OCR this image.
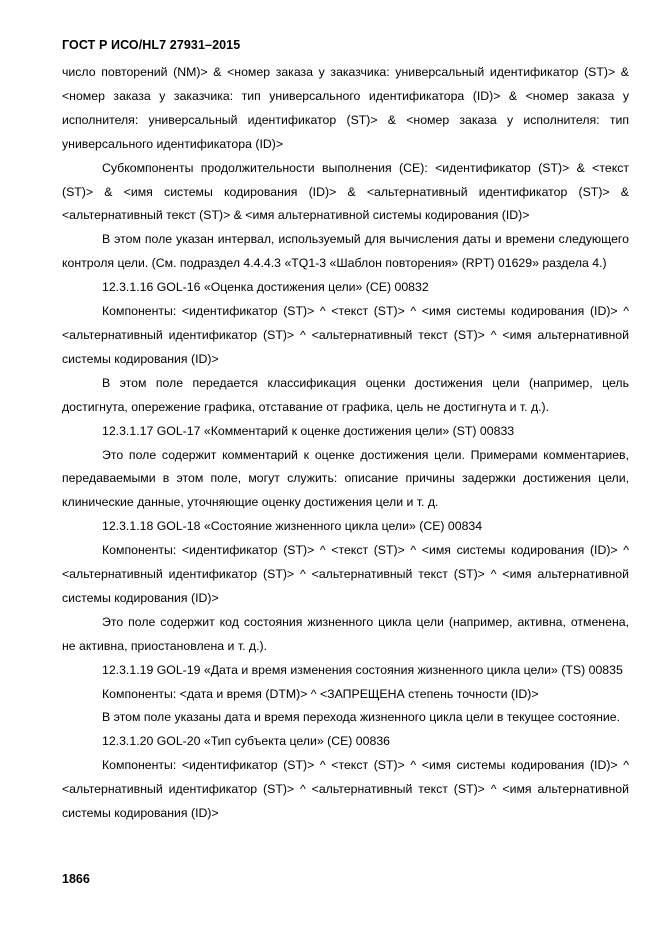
ГОСТ Р ИСО/HL7 27931–2015

число повторений (NM)> & <номер заказа у заказчика: универсальный идентификатор (ST)> & <номер заказа у заказчика: тип универсального идентификатора (ID)> & <номер заказа у исполнителя: универсальный идентификатор (ST)> & <номер заказа у исполнителя: тип универсального идентификатора (ID)>

Субкомпоненты продолжительности выполнения (CE): <идентификатор (ST)> & <текст (ST)> & <имя системы кодирования (ID)> & <альтернативный идентификатор (ST)> & <альтернативный текст (ST)> & <имя альтернативной системы кодирования (ID)>

В этом поле указан интервал, используемый для вычисления даты и времени следующего контроля цели. (См. подраздел 4.4.4.3 «TQ1-3 «Шаблон повторения» (RPT) 01629» раздела 4.)

12.3.1.16 GOL-16 «Оценка достижения цели» (CE) 00832

Компоненты: <идентификатор (ST)> ^ <текст (ST)> ^ <имя системы кодирования (ID)> ^ <альтернативный идентификатор (ST)> ^ <альтернативный текст (ST)> ^ <имя альтернативной системы кодирования (ID)>

В этом поле передается классификация оценки достижения цели (например, цель достигнута, опережение графика, отставание от графика, цель не достигнута и т. д.).

12.3.1.17 GOL-17 «Комментарий к оценке достижения цели» (ST) 00833

Это поле содержит комментарий к оценке достижения цели. Примерами комментариев, передаваемыми в этом поле, могут служить: описание причины задержки достижения цели, клинические данные, уточняющие оценку достижения цели и т. д.

12.3.1.18 GOL-18 «Состояние жизненного цикла цели» (CE) 00834

Компоненты: <идентификатор (ST)> ^ <текст (ST)> ^ <имя системы кодирования (ID)> ^ <альтернативный идентификатор (ST)> ^ <альтернативный текст (ST)> ^ <имя альтернативной системы кодирования (ID)>

Это поле содержит код состояния жизненного цикла цели (например, активна, отменена, не активна, приостановлена и т. д.).

12.3.1.19 GOL-19 «Дата и время изменения состояния жизненного цикла цели» (TS) 00835

Компоненты: <дата и время (DTM)> ^ <ЗАПРЕЩЕНА степень точности (ID)>

В этом поле указаны дата и время перехода жизненного цикла цели в текущее состояние.

12.3.1.20 GOL-20 «Тип субъекта цели» (CE) 00836

Компоненты: <идентификатор (ST)> ^ <текст (ST)> ^ <имя системы кодирования (ID)> ^ <альтернативный идентификатор (ST)> ^ <альтернативный текст (ST)> ^ <имя альтернативной системы кодирования (ID)>

1866
